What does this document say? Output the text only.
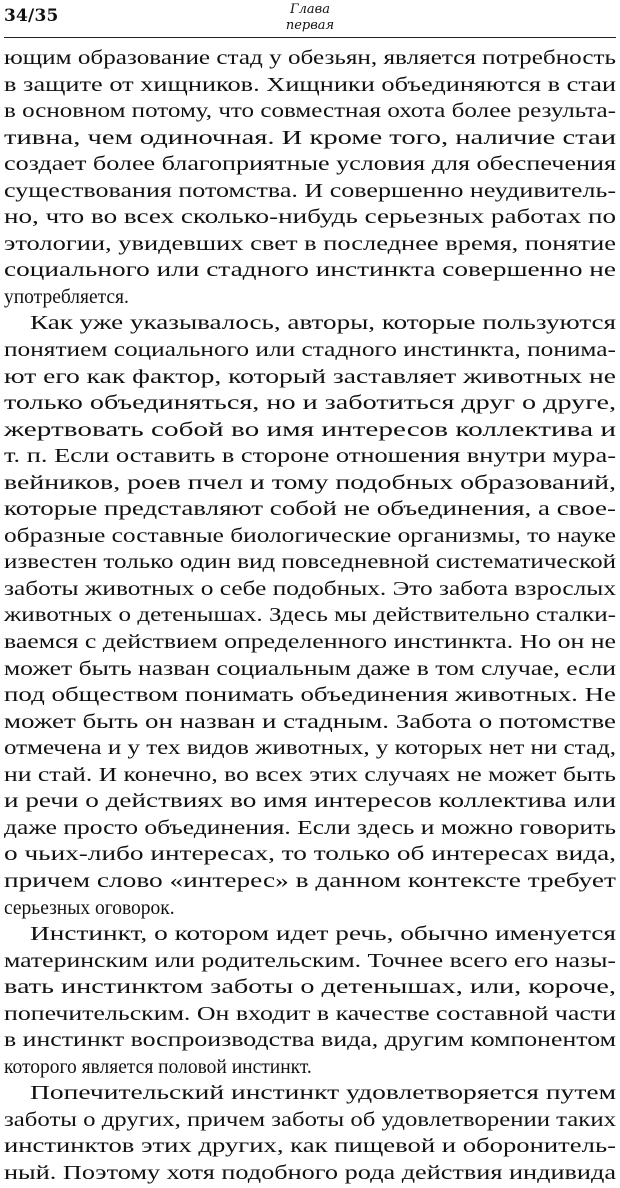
34/35	Глава
первая
ющим образование стад у обезьян, является потребность
в защите от хищников. Хищники объединяются в стаи
в основном потому, что совместная охота более результа-
тивна, чем одиночная. И кроме того, наличие стаи
создает более благоприятные условия для обеспечения
существования потомства. И совершенно неудивитель-
но, что во всех сколько-нибудь серьезных работах по
этологии, увидевших свет в последнее время, понятие
социального или стадного инстинкта совершенно не
употребляется.
Как уже указывалось, авторы, которые пользуются
понятием социального или стадного инстинкта, понима-
ют его как фактор, который заставляет животных не
только объединяться, но и заботиться друг о друге,
жертвовать собой во имя интересов коллектива и
т. п. Если оставить в стороне отношения внутри мура-
вейников, роев пчел и тому подобных образований,
которые представляют собой не объединения, а свое-
образные составные биологические организмы, то науке
известен только один вид повседневной систематической
заботы животных о себе подобных. Это забота взрослых
животных о детенышах. Здесь мы действительно сталки-
ваемся с действием определенного инстинкта. Но он не
может быть назван социальным даже в том случае, если
под обществом понимать объединения животных. Не
может быть он назван и стадным. Забота о потомстве
отмечена и у тех видов животных, у которых нет ни стад,
ни стай. И конечно, во всех этих случаях не может быть
и речи о действиях во имя интересов коллектива или
даже просто объединения. Если здесь и можно говорить
о чьих-либо интересах, то только об интересах вида,
причем слово «интерес» в данном контексте требует
серьезных оговорок.
Инстинкт, о котором идет речь, обычно именуется
материнским или родительским. Точнее всего его назы-
вать инстинктом заботы о детенышах, или, короче,
попечительским. Он входит в качестве составной части
в инстинкт воспроизводства вида, другим компонентом
которого является половой инстинкт.
Попечительский инстинкт удовлетворяется путем
заботы о других, причем заботы об удовлетворении таких
инстинктов этих других, как пищевой и оборонитель-
ный. Поэтому хотя подобного рода действия индивида
